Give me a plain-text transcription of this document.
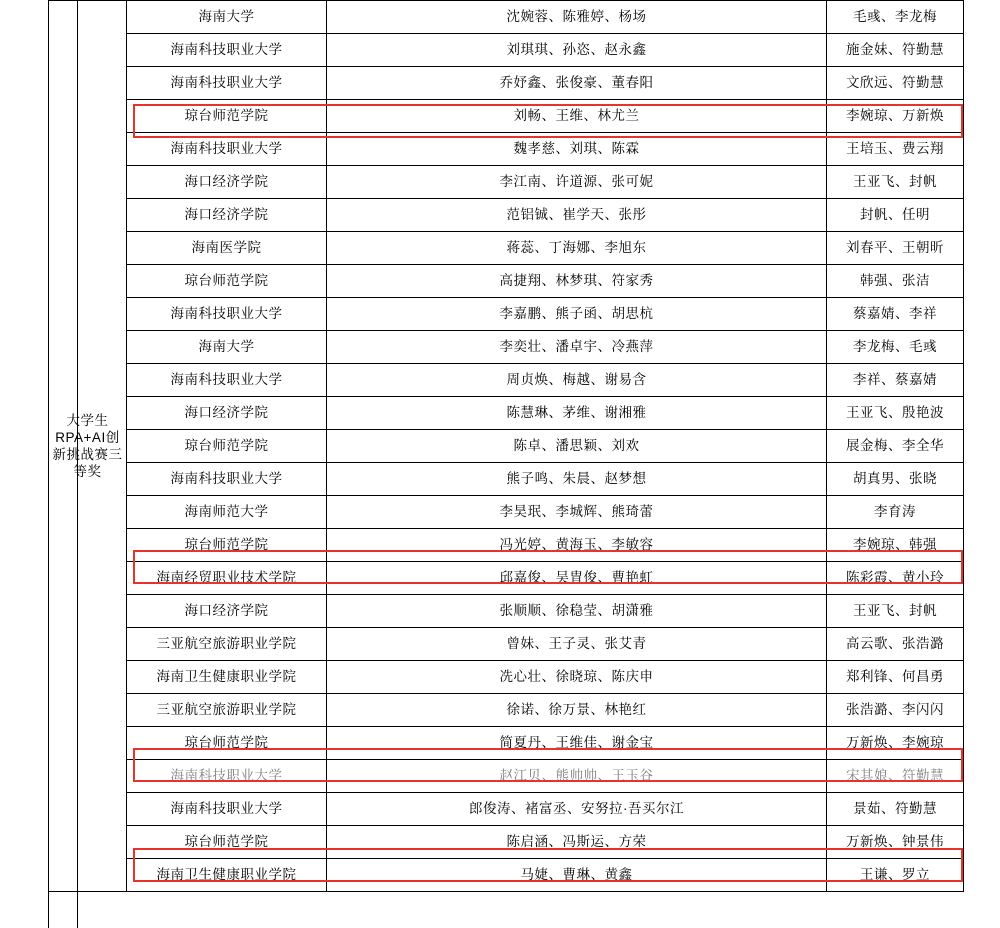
大学生RPA+AI创新挑战赛三等奖	海南大学	沈婉蓉、陈雅婷、杨场	毛彧、李龙梅
	海南科技职业大学	刘琪琪、孙恣、赵永鑫	施金妹、符勤慧
	海南科技职业大学	乔妤鑫、张俊豪、董春阳	文欣远、符勤慧
	琼台师范学院	刘畅、王维、林尤兰	李婉琼、万新焕
	海南科技职业大学	魏孝慈、刘琪、陈霖	王培玉、费云翔
	海口经济学院	李江南、许道源、张可妮	王亚飞、封帆
	海口经济学院	范铝铖、崔学天、张彤	封帆、任明
	海南医学院	蒋蕊、丁海娜、李旭东	刘春平、王朝昕
	琼台师范学院	高捷翔、林梦琪、符家秀	韩强、张洁
	海南科技职业大学	李嘉鹏、熊子函、胡思杭	蔡嘉婧、李祥
	海南大学	李奕壮、潘卓宇、冷燕萍	李龙梅、毛彧
	海南科技职业大学	周贞焕、梅越、谢易含	李祥、蔡嘉婧
	海口经济学院	陈慧琳、茅维、谢湘雅	王亚飞、殷艳波
	琼台师范学院	陈卓、潘思颖、刘欢	展金梅、李全华
	海南科技职业大学	熊子鸣、朱晨、赵梦想	胡真男、张晓
	海南师范大学	李昊珉、李城辉、熊琦蕾	李育涛
	琼台师范学院	冯光婷、黄海玉、李敏容	李婉琼、韩强
	海南经贸职业技术学院	邱嘉俊、吴胄俊、曹艳虹	陈彩霞、黄小玲
	海口经济学院	张顺顺、徐稳莹、胡潇雅	王亚飞、封帆
	三亚航空旅游职业学院	曾妹、王子灵、张艾青	高云歌、张浩潞
	海南卫生健康职业学院	冼心壮、徐晓琼、陈庆申	郑利锋、何昌勇
	三亚航空旅游职业学院	徐诺、徐万景、林艳红	张浩潞、李闪闪
	琼台师范学院	简夏丹、王维佳、谢金宝	万新焕、李婉琼
	海南科技职业大学	赵江贝、熊帅帅、王玉谷	宋其娘、符勤慧
	海南科技职业大学	郎俊涛、褚富丞、安努拉·吾买尔江	景茹、符勤慧
	琼台师范学院	陈启涵、冯斯运、方荣	万新焕、钟景伟
	海南卫生健康职业学院	马婕、曹琳、黄鑫	王谦、罗立
